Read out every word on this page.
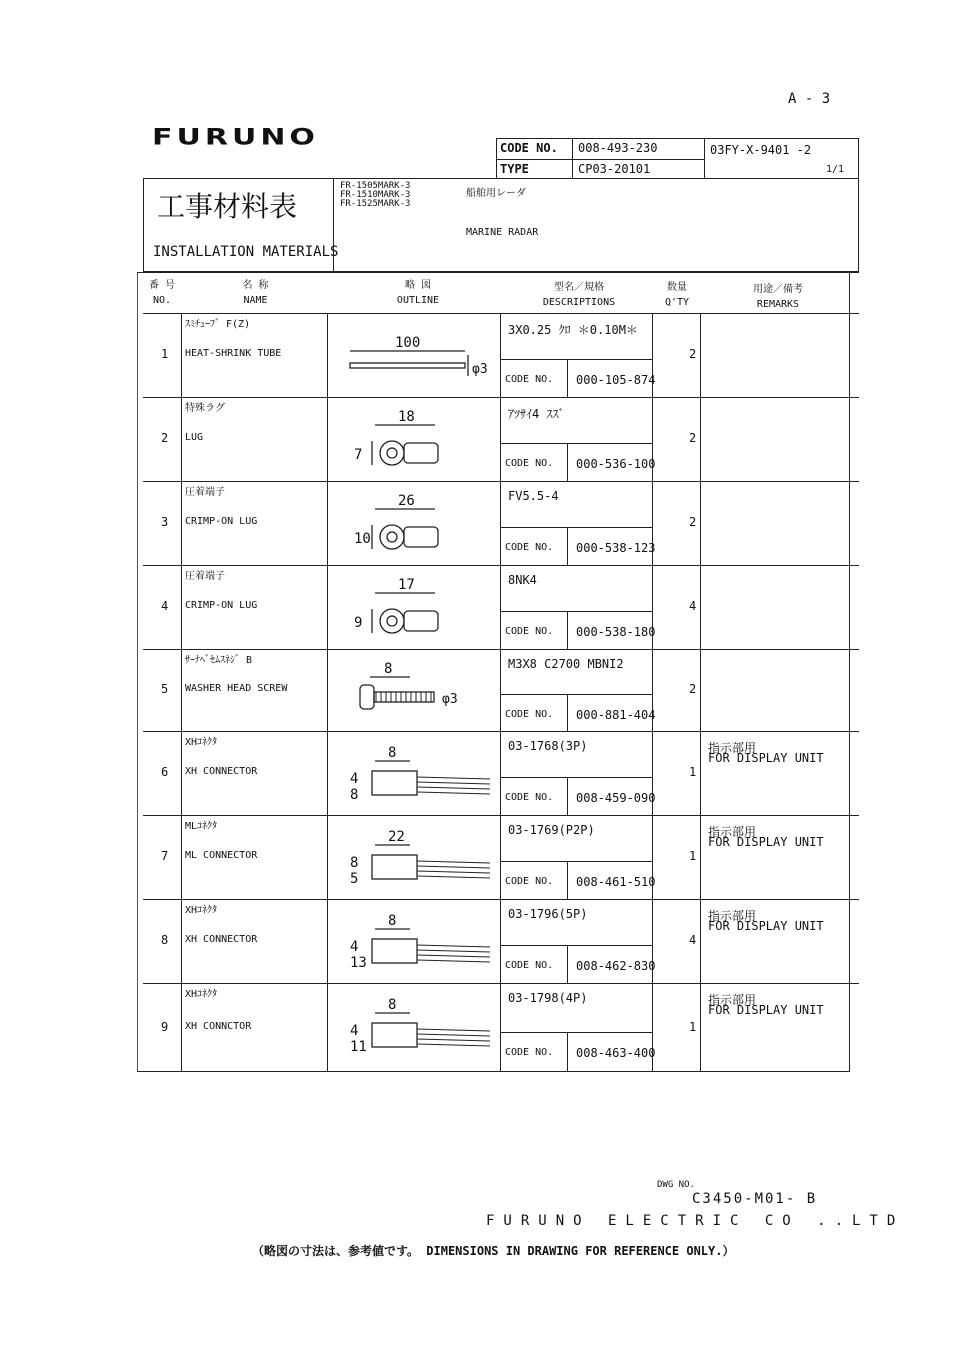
A - 3
FURUNO	CODE NO. 008-493-230
TYPE	CP03-20101
03FY-X-9401 -2
1/1
工事材料表
INSTALLATION MATERIALS
FR-1505MARK-3
FR-1510MARK-3
FR-1525MARK-3
船舶用レーダ
MARINE RADAR
番 号
NO.
名 称
NAME
略 図
OUTLINE
型名／規格
DESCRIPTIONS
数量
Q'TY
用途／備考
REMARKS
1
ｽﾐﾁｭｰﾌﾞ F(Z)
HEAT-SHRINK TUBE
3X0.25 ｸﾛ ＊0.10M＊
CODE NO. 000-105-874
2
100
φ3
2
特殊ラグ
LUG
ｱﾂｻｲ4 ｽｽﾞ
CODE NO. 000-536-100
2
18
7
3
圧着端子
CRIMP-ON LUG
FV5.5-4
CODE NO. 000-538-123
2
26
10
4
圧着端子
CRIMP-ON LUG
8NK4
CODE NO. 000-538-180
4
17
9
5
ｻｰﾅﾍﾞｾﾑｽﾈｼﾞ B
WASHER HEAD SCREW
M3X8 C2700 MBNI2
CODE NO. 000-881-404
2
8
φ3
6
XHｺﾈｸﾀ
XH CONNECTOR
03-1768(3P)
CODE NO. 008-459-090
1
指示部用
FOR DISPLAY UNIT
8
4
8
7
MLｺﾈｸﾀ
ML CONNECTOR
03-1769(P2P)
CODE NO. 008-461-510
1
指示部用
FOR DISPLAY UNIT
22
8
5
8
XHｺﾈｸﾀ
XH CONNECTOR
03-1796(5P)
CODE NO. 008-462-830
4
指示部用
FOR DISPLAY UNIT
8
4
13
9
XHｺﾈｸﾀ
XH CONNCTOR
03-1798(4P)
CODE NO. 008-463-400
1
指示部用
FOR DISPLAY UNIT
8
4
11
DWG NO.
C3450-M01- B
FURUNO ELECTRIC CO ..LTD
（略図の寸法は、参考値です。 DIMENSIONS IN DRAWING FOR REFERENCE ONLY.）
